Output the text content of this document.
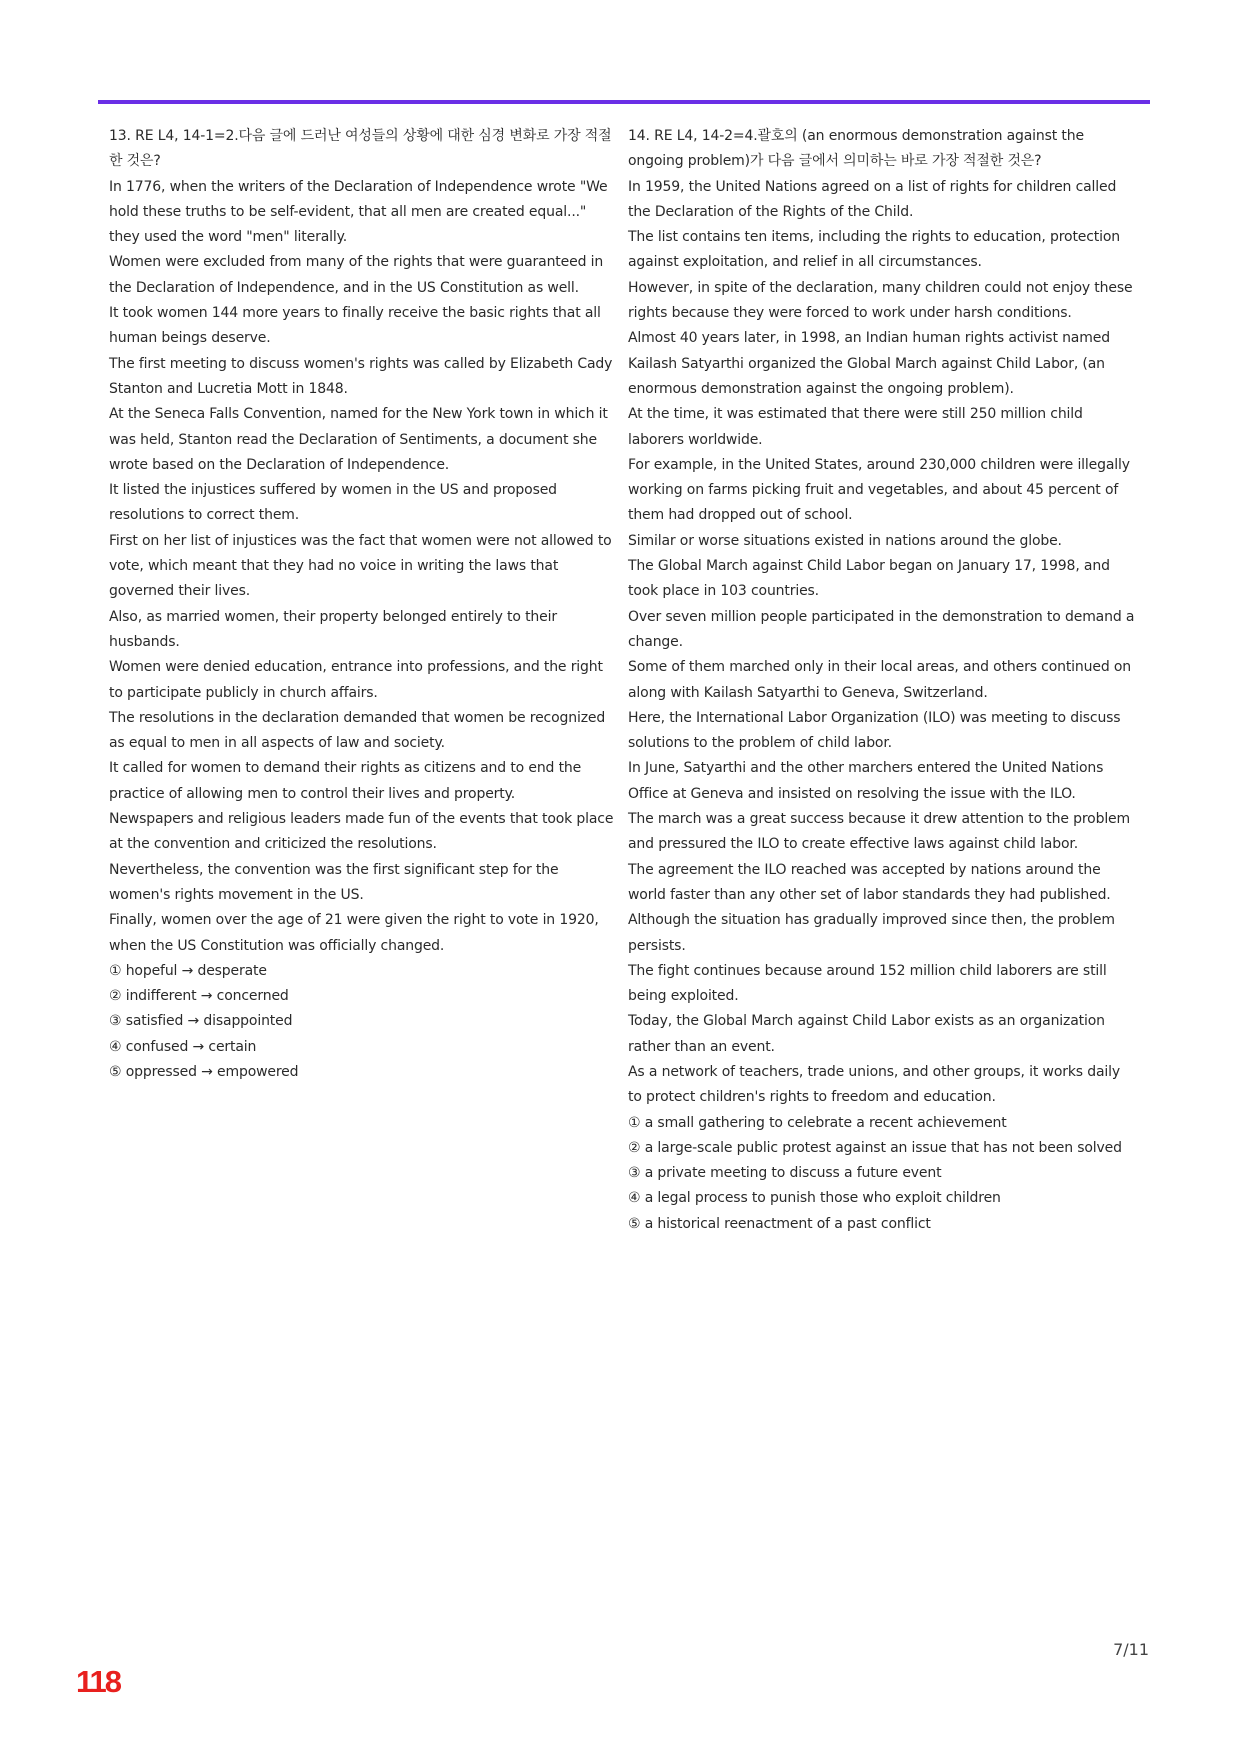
13. RE L4, 14-1=2.다음 글에 드러난 여성들의 상황에 대한 심경 변화로 가장 적절한 것은?

In 1776, when the writers of the Declaration of Independence wrote "We hold these truths to be self-evident, that all men are created equal..." they used the word "men" literally.

Women were excluded from many of the rights that were guaranteed in the Declaration of Independence, and in the US Constitution as well.

It took women 144 more years to finally receive the basic rights that all human beings deserve.

The first meeting to discuss women's rights was called by Elizabeth Cady Stanton and Lucretia Mott in 1848.

At the Seneca Falls Convention, named for the New York town in which it was held, Stanton read the Declaration of Sentiments, a document she wrote based on the Declaration of Independence.

It listed the injustices suffered by women in the US and proposed resolutions to correct them.

First on her list of injustices was the fact that women were not allowed to vote, which meant that they had no voice in writing the laws that governed their lives.

Also, as married women, their property belonged entirely to their husbands.

Women were denied education, entrance into professions, and the right to participate publicly in church affairs.

The resolutions in the declaration demanded that women be recognized as equal to men in all aspects of law and society.

It called for women to demand their rights as citizens and to end the practice of allowing men to control their lives and property.

Newspapers and religious leaders made fun of the events that took place at the convention and criticized the resolutions.

Nevertheless, the convention was the first significant step for the women's rights movement in the US.

Finally, women over the age of 21 were given the right to vote in 1920, when the US Constitution was officially changed.

① hopeful → desperate

② indifferent → concerned

③ satisfied → disappointed

④ confused → certain

⑤ oppressed → empowered

14. RE L4, 14-2=4.괄호의 (an enormous demonstration against the ongoing problem)가 다음 글에서 의미하는 바로 가장 적절한 것은?

In 1959, the United Nations agreed on a list of rights for children called the Declaration of the Rights of the Child.

The list contains ten items, including the rights to education, protection against exploitation, and relief in all circumstances.

However, in spite of the declaration, many children could not enjoy these rights because they were forced to work under harsh conditions.

Almost 40 years later, in 1998, an Indian human rights activist named Kailash Satyarthi organized the Global March against Child Labor, (an enormous demonstration against the ongoing problem).

At the time, it was estimated that there were still 250 million child laborers worldwide.

For example, in the United States, around 230,000 children were illegally working on farms picking fruit and vegetables, and about 45 percent of them had dropped out of school.

Similar or worse situations existed in nations around the globe.

The Global March against Child Labor began on January 17, 1998, and took place in 103 countries.

Over seven million people participated in the demonstration to demand a change.

Some of them marched only in their local areas, and others continued on along with Kailash Satyarthi to Geneva, Switzerland.

Here, the International Labor Organization (ILO) was meeting to discuss solutions to the problem of child labor.

In June, Satyarthi and the other marchers entered the United Nations Office at Geneva and insisted on resolving the issue with the ILO.

The march was a great success because it drew attention to the problem and pressured the ILO to create effective laws against child labor.

The agreement the ILO reached was accepted by nations around the world faster than any other set of labor standards they had published.

Although the situation has gradually improved since then, the problem persists.

The fight continues because around 152 million child laborers are still being exploited.

Today, the Global March against Child Labor exists as an organization rather than an event.

As a network of teachers, trade unions, and other groups, it works daily to protect children's rights to freedom and education.

① a small gathering to celebrate a recent achievement

② a large-scale public protest against an issue that has not been solved

③ a private meeting to discuss a future event

④ a legal process to punish those who exploit children

⑤ a historical reenactment of a past conflict

7/11
118
